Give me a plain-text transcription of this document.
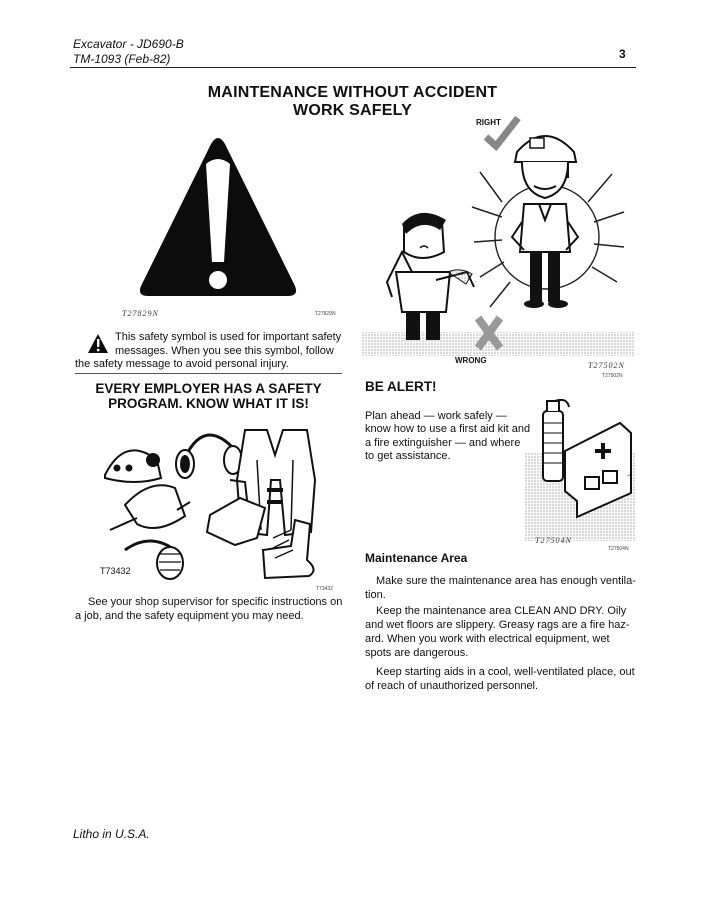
Excavator - JD690-B
TM-1093 (Feb-82)	3
MAINTENANCE WITHOUT ACCIDENT
WORK SAFELY
T27829N	T27829N
This safety symbol is used for important safety
messages. When you see this symbol, follow
the safety message to avoid personal injury.
RIGHT
WRONG
T27502N
T27502N
EVERY EMPLOYER HAS A SAFETY
PROGRAM. KNOW WHAT IT IS!
T73432
T73432
See your shop supervisor for specific instructions on
a job, and the safety equipment you may need.
BE ALERT!
Plan ahead — work safely —
know how to use a first aid kit and
a fire extinguisher — and where
to get assistance.
T27504N
T27504N
Maintenance Area
Make sure the maintenance area has enough ventila-
tion.
Keep the maintenance area CLEAN AND DRY. Oily
and wet floors are slippery. Greasy rags are a fire haz-
ard. When you work with electrical equipment, wet
spots are dangerous.
Keep starting aids in a cool, well-ventilated place, out
of reach of unauthorized personnel.
Litho in U.S.A.
